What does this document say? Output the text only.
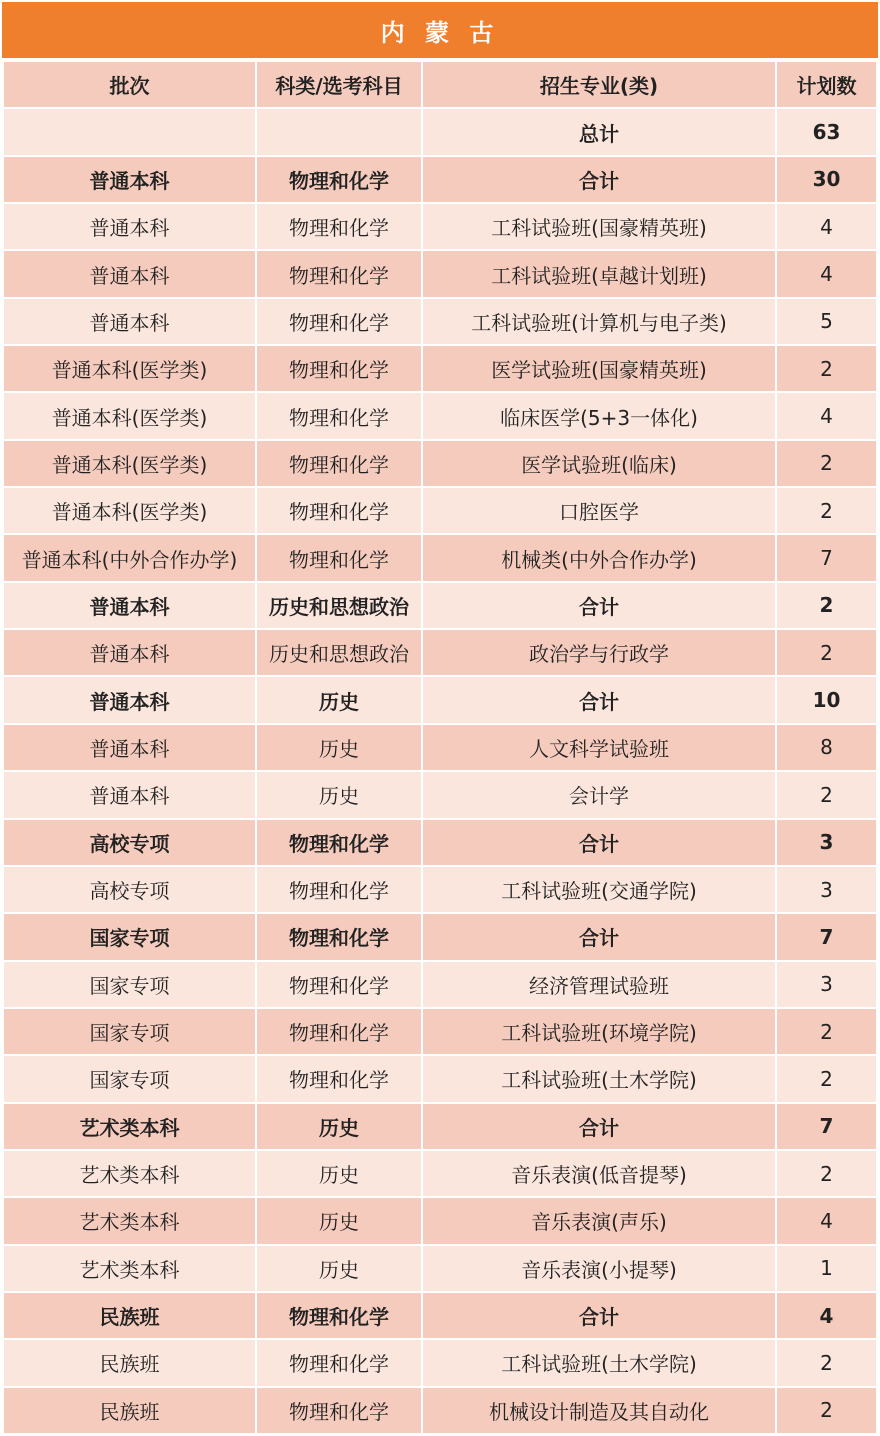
内 蒙 古
批次	科类/选考科目	招生专业(类)	计划数
		总计	63
普通本科	物理和化学	合计	30
普通本科	物理和化学	工科试验班(国豪精英班)	4
普通本科	物理和化学	工科试验班(卓越计划班)	4
普通本科	物理和化学	工科试验班(计算机与电子类)	5
普通本科(医学类)	物理和化学	医学试验班(国豪精英班)	2
普通本科(医学类)	物理和化学	临床医学(5+3一体化)	4
普通本科(医学类)	物理和化学	医学试验班(临床)	2
普通本科(医学类)	物理和化学	口腔医学	2
普通本科(中外合作办学)	物理和化学	机械类(中外合作办学)	7
普通本科	历史和思想政治	合计	2
普通本科	历史和思想政治	政治学与行政学	2
普通本科	历史	合计	10
普通本科	历史	人文科学试验班	8
普通本科	历史	会计学	2
高校专项	物理和化学	合计	3
高校专项	物理和化学	工科试验班(交通学院)	3
国家专项	物理和化学	合计	7
国家专项	物理和化学	经济管理试验班	3
国家专项	物理和化学	工科试验班(环境学院)	2
国家专项	物理和化学	工科试验班(土木学院)	2
艺术类本科	历史	合计	7
艺术类本科	历史	音乐表演(低音提琴)	2
艺术类本科	历史	音乐表演(声乐)	4
艺术类本科	历史	音乐表演(小提琴)	1
民族班	物理和化学	合计	4
民族班	物理和化学	工科试验班(土木学院)	2
民族班	物理和化学	机械设计制造及其自动化	2
